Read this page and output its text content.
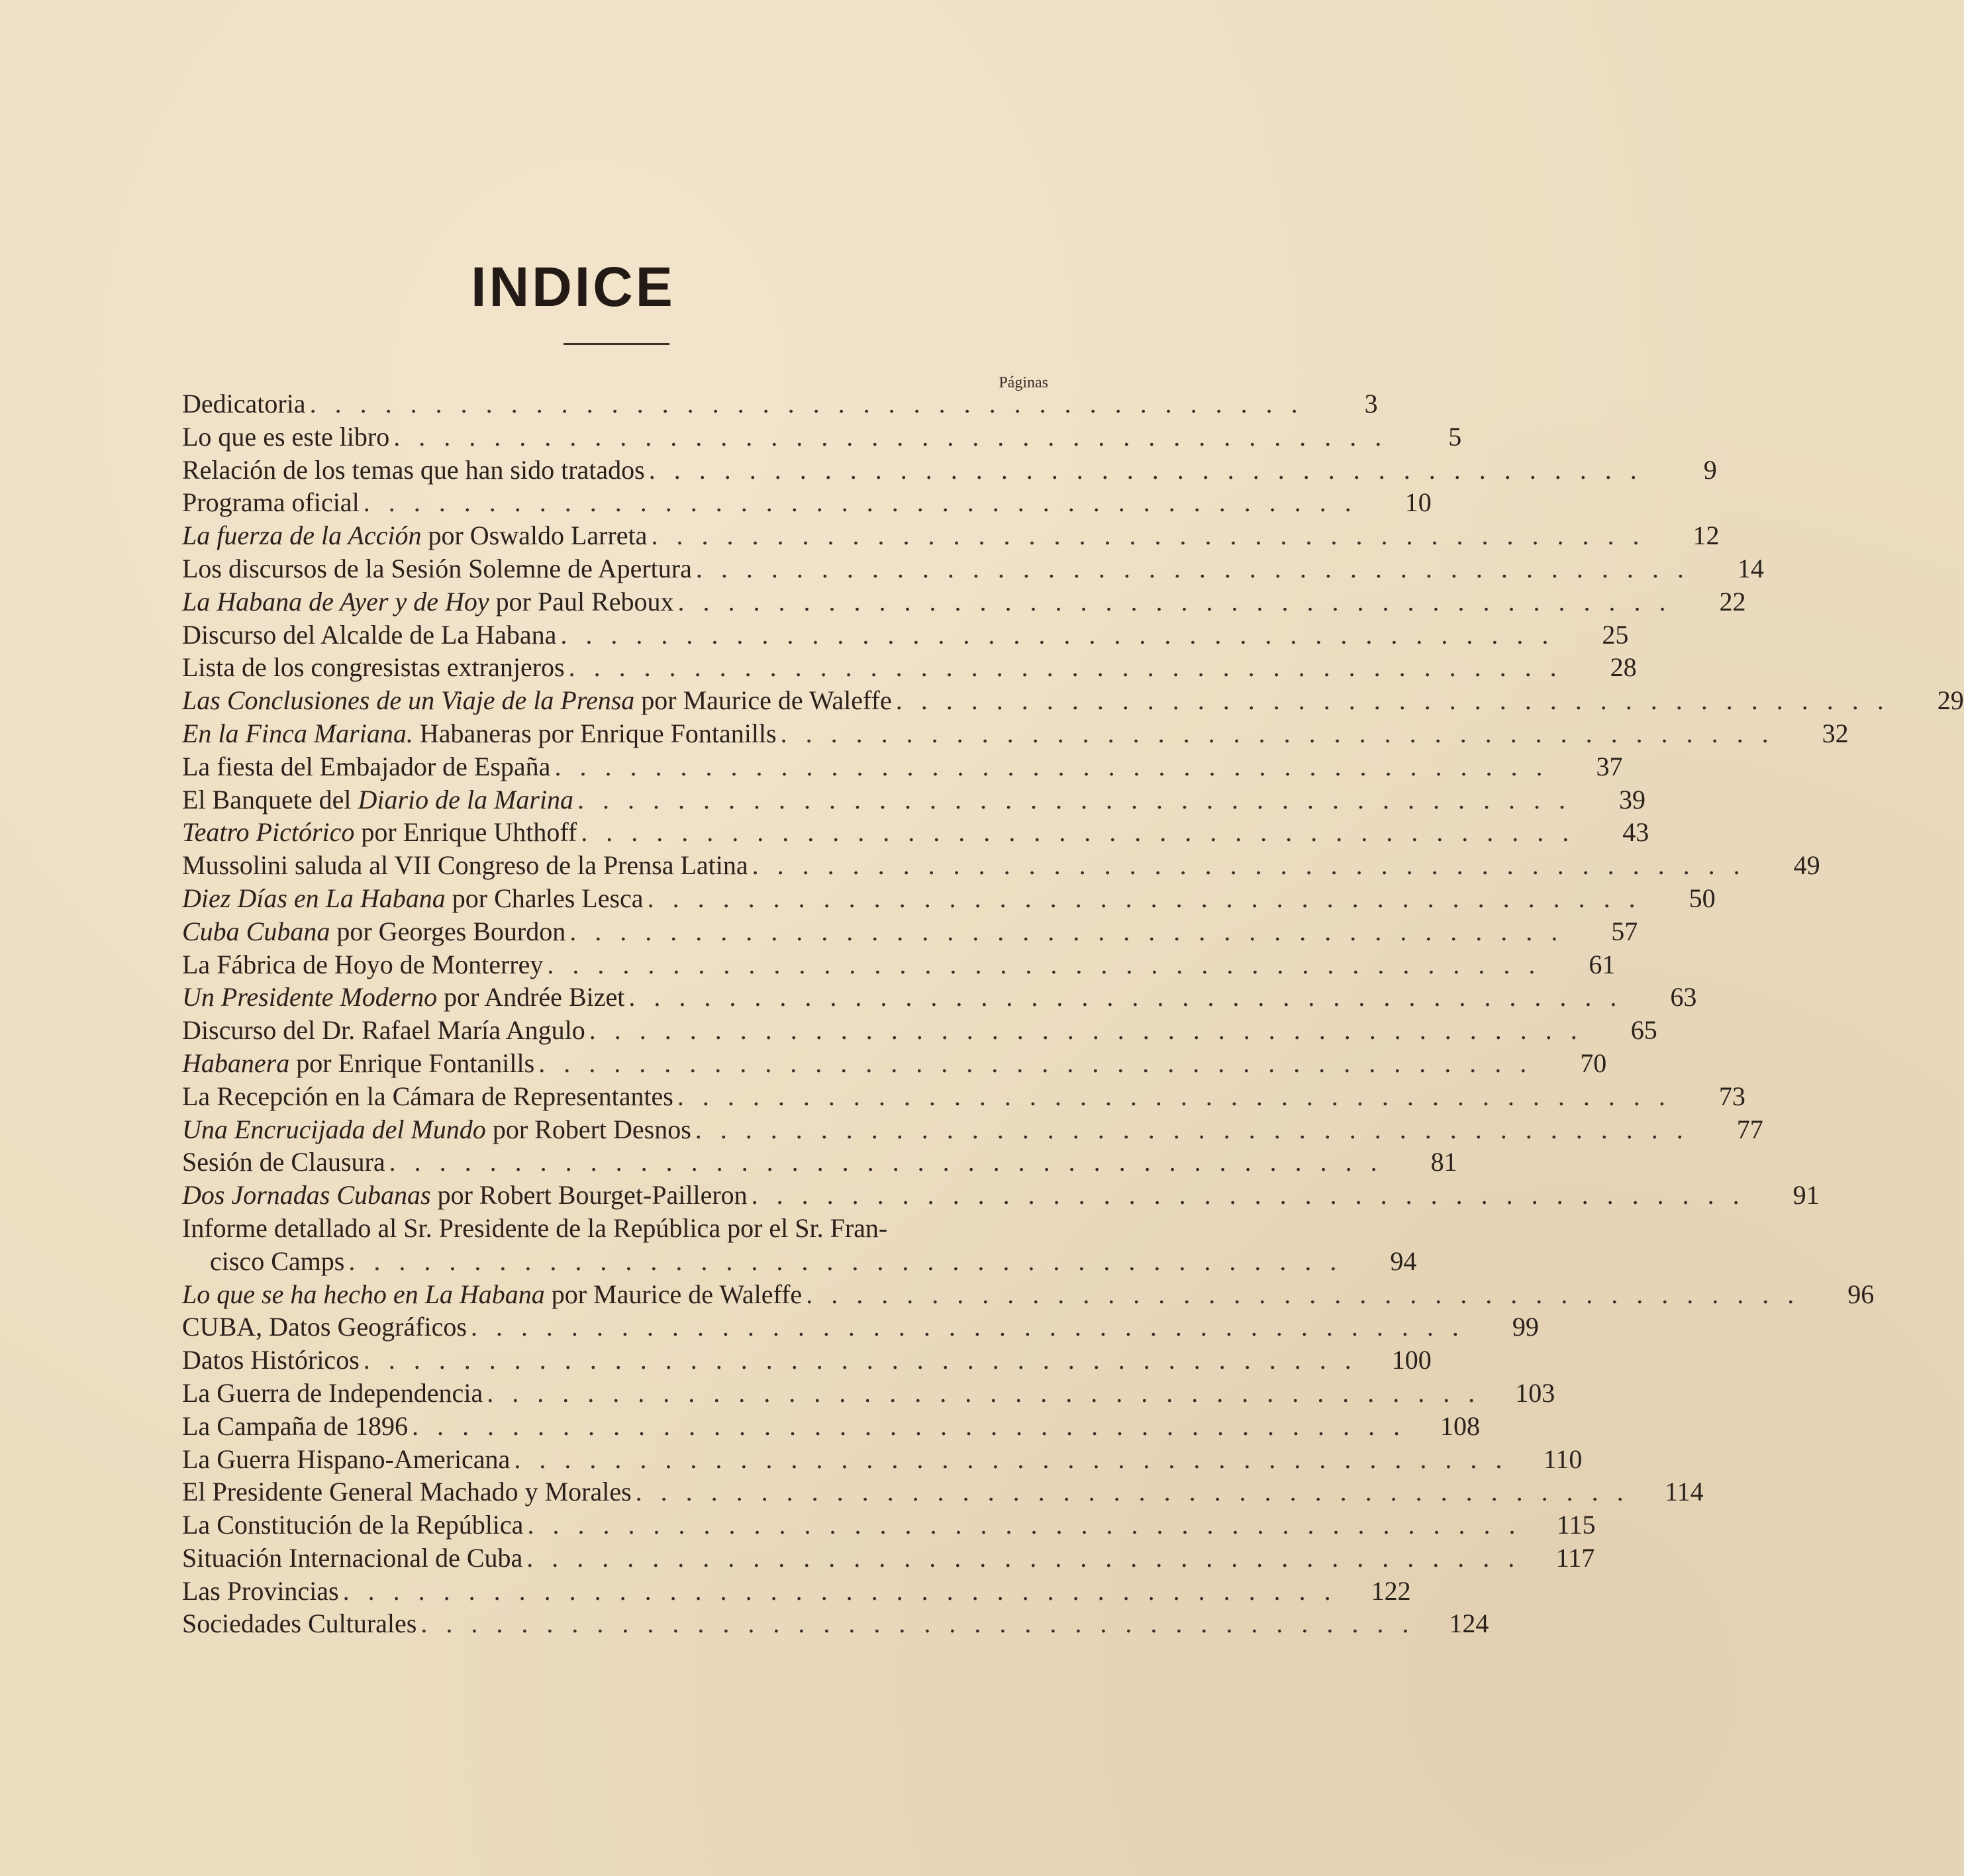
INDICE
Páginas
Dedicatoria . . . . . . . . . . . . . . . . . . . . . . . . . . . . . . . . . . . . . . . .	3
Lo que es este libro . . . . . . . . . . . . . . . . . . . . . . . . . . . . . . . . . . . . . . . .	5
Relación de los temas que han sido tratados . . . . . . . . . . . . . . . . . . . . . . . . . . . . . . . . . . . . . . . .	9
Programa oficial . . . . . . . . . . . . . . . . . . . . . . . . . . . . . . . . . . . . . . . .	10
La fuerza de la Acción por Oswaldo Larreta . . . . . . . . . . . . . . . . . . . . . . . . . . . . . . . . . . . . . . . .	12
Los discursos de la Sesión Solemne de Apertura . . . . . . . . . . . . . . . . . . . . . . . . . . . . . . . . . . . . . . . .	14
La Habana de Ayer y de Hoy por Paul Reboux . . . . . . . . . . . . . . . . . . . . . . . . . . . . . . . . . . . . . . . .	22
Discurso del Alcalde de La Habana . . . . . . . . . . . . . . . . . . . . . . . . . . . . . . . . . . . . . . . .	25
Lista de los congresistas extranjeros . . . . . . . . . . . . . . . . . . . . . . . . . . . . . . . . . . . . . . . .	28
Las Conclusiones de un Viaje de la Prensa por Maurice de Waleffe . . . . . . . . . . . . . . . . . . . . . . . . . . . . . . . . . . . . . . . .	29
En la Finca Mariana. Habaneras por Enrique Fontanills . . . . . . . . . . . . . . . . . . . . . . . . . . . . . . . . . . . . . . . .	32
La fiesta del Embajador de España . . . . . . . . . . . . . . . . . . . . . . . . . . . . . . . . . . . . . . . .	37
El Banquete del Diario de la Marina . . . . . . . . . . . . . . . . . . . . . . . . . . . . . . . . . . . . . . . .	39
Teatro Pictórico por Enrique Uhthoff . . . . . . . . . . . . . . . . . . . . . . . . . . . . . . . . . . . . . . . .	43
Mussolini saluda al VII Congreso de la Prensa Latina . . . . . . . . . . . . . . . . . . . . . . . . . . . . . . . . . . . . . . . .	49
Diez Días en La Habana por Charles Lesca . . . . . . . . . . . . . . . . . . . . . . . . . . . . . . . . . . . . . . . .	50
Cuba Cubana por Georges Bourdon . . . . . . . . . . . . . . . . . . . . . . . . . . . . . . . . . . . . . . . .	57
La Fábrica de Hoyo de Monterrey . . . . . . . . . . . . . . . . . . . . . . . . . . . . . . . . . . . . . . . .	61
Un Presidente Moderno por Andrée Bizet . . . . . . . . . . . . . . . . . . . . . . . . . . . . . . . . . . . . . . . .	63
Discurso del Dr. Rafael María Angulo . . . . . . . . . . . . . . . . . . . . . . . . . . . . . . . . . . . . . . . .	65
Habanera por Enrique Fontanills . . . . . . . . . . . . . . . . . . . . . . . . . . . . . . . . . . . . . . . .	70
La Recepción en la Cámara de Representantes . . . . . . . . . . . . . . . . . . . . . . . . . . . . . . . . . . . . . . . .	73
Una Encrucijada del Mundo por Robert Desnos . . . . . . . . . . . . . . . . . . . . . . . . . . . . . . . . . . . . . . . .	77
Sesión de Clausura . . . . . . . . . . . . . . . . . . . . . . . . . . . . . . . . . . . . . . . .	81
Dos Jornadas Cubanas por Robert Bourget-Pailleron . . . . . . . . . . . . . . . . . . . . . . . . . . . . . . . . . . . . . . . .	91
Informe detallado al Sr. Presidente de la República por el Sr. Fran-
cisco Camps . . . . . . . . . . . . . . . . . . . . . . . . . . . . . . . . . . . . . . . .	94
Lo que se ha hecho en La Habana por Maurice de Waleffe . . . . . . . . . . . . . . . . . . . . . . . . . . . . . . . . . . . . . . . .	96
CUBA, Datos Geográficos . . . . . . . . . . . . . . . . . . . . . . . . . . . . . . . . . . . . . . . .	99
Datos Históricos . . . . . . . . . . . . . . . . . . . . . . . . . . . . . . . . . . . . . . . .	100
La Guerra de Independencia . . . . . . . . . . . . . . . . . . . . . . . . . . . . . . . . . . . . . . . .	103
La Campaña de 1896 . . . . . . . . . . . . . . . . . . . . . . . . . . . . . . . . . . . . . . . .	108
La Guerra Hispano-Americana . . . . . . . . . . . . . . . . . . . . . . . . . . . . . . . . . . . . . . . .	110
El Presidente General Machado y Morales . . . . . . . . . . . . . . . . . . . . . . . . . . . . . . . . . . . . . . . .	114
La Constitución de la República . . . . . . . . . . . . . . . . . . . . . . . . . . . . . . . . . . . . . . . .	115
Situación Internacional de Cuba . . . . . . . . . . . . . . . . . . . . . . . . . . . . . . . . . . . . . . . .	117
Las Provincias . . . . . . . . . . . . . . . . . . . . . . . . . . . . . . . . . . . . . . . .	122
Sociedades Culturales . . . . . . . . . . . . . . . . . . . . . . . . . . . . . . . . . . . . . . . .	124
